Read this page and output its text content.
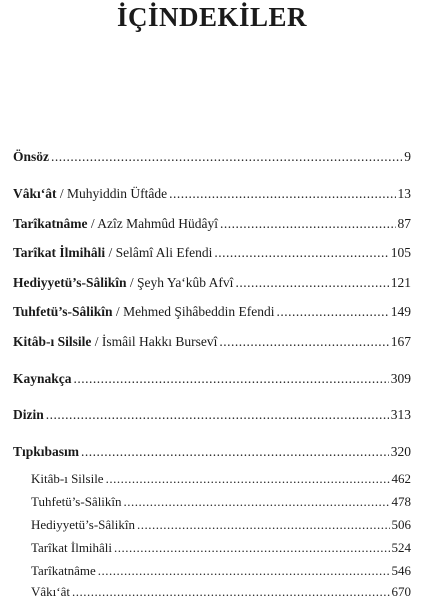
İÇİNDEKİLER
Önsöz .....	9
Vâkı‘ât / Muhyiddin Üftâde .....	13
Tarîkatnâme / Azîz Mahmûd Hüdâyî .....	87
Tarîkat İlmihâli / Selâmî Ali Efendi .....	105
Hediyyetü’s-Sâlikîn / Şeyh Ya‘kûb Afvî .....	121
Tuhfetü’s-Sâlikîn / Mehmed Şihâbeddin Efendi .....	149
Kitâb-ı Silsile / İsmâil Hakkı Bursevî .....	167
Kaynakça .....	309
Dizin .....	313
Tıpkıbasım .....	320
Kitâb-ı Silsile .....	462
Tuhfetü’s-Sâlikîn .....	478
Hediyyetü’s-Sâlikîn .....	506
Tarîkat İlmihâli .....	524
Tarîkatnâme .....	546
Vâkı‘ât .....	670
